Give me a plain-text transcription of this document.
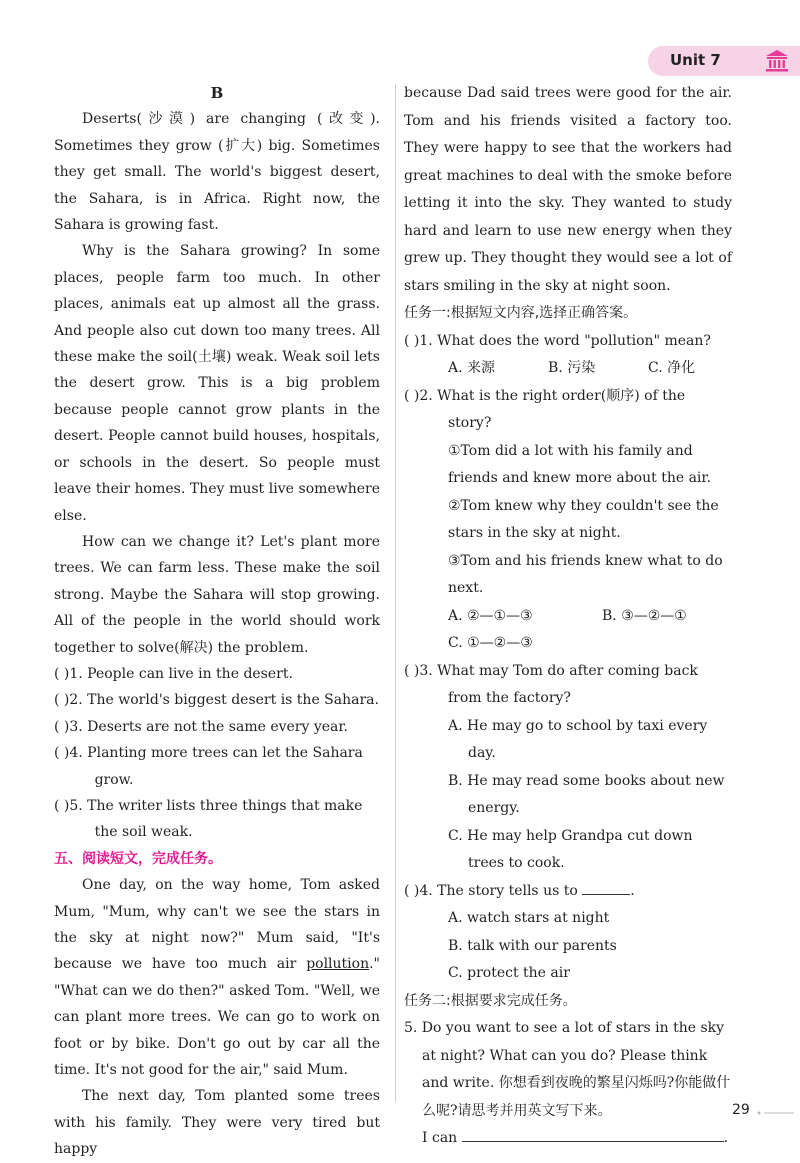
Unit 7
B

Deserts(沙漠) are changing (改变). Sometimes they grow (扩大) big. Sometimes they get small. The world's biggest desert, the Sahara, is in Africa. Right now, the Sahara is growing fast.

Why is the Sahara growing? In some places, people farm too much. In other places, animals eat up almost all the grass. And people also cut down too many trees. All these make the soil(土壤) weak. Weak soil lets the desert grow. This is a big problem because people cannot grow plants in the desert. People cannot build houses, hospitals, or schools in the desert. So people must leave their homes. They must live somewhere else.

How can we change it? Let's plant more trees. We can farm less. These make the soil strong. Maybe the Sahara will stop growing. All of the people in the world should work together to solve(解决) the problem.

( )1. People can live in the desert.

( )2. The world's biggest desert is the Sahara.

( )3. Deserts are not the same every year.

( )4. Planting more trees can let the Sahara grow.

( )5. The writer lists three things that make the soil weak.

五、阅读短文，完成任务。

One day, on the way home, Tom asked Mum, "Mum, why can't we see the stars in the sky at night now?" Mum said, "It's because we have too much air pollution." "What can we do then?" asked Tom. "Well, we can plant more trees. We can go to work on foot or by bike. Don't go out by car all the time. It's not good for the air," said Mum.

The next day, Tom planted some trees with his family. They were very tired but happy

because Dad said trees were good for the air. Tom and his friends visited a factory too. They were happy to see that the workers had great machines to deal with the smoke before letting it into the sky. They wanted to study hard and learn to use new energy when they grew up. They thought they would see a lot of stars smiling in the sky at night soon.

任务一:根据短文内容,选择正确答案。

( )1. What does the word "pollution" mean?

A. 来源	B. 污染	C. 净化

( )2. What is the right order(顺序) of the story?

①Tom did a lot with his family and friends and knew more about the air.

②Tom knew why they couldn't see the stars in the sky at night.

③Tom and his friends knew what to do next.

A. ②—①—③	B. ③—②—①
C. ①—②—③

( )3. What may Tom do after coming back from the factory?

A. He may go to school by taxi every day.

B. He may read some books about new energy.

C. He may help Grandpa cut down trees to cook.

( )4. The story tells us to	.

A. watch stars at night

B. talk with our parents

C. protect the air

任务二:根据要求完成任务。

5. Do you want to see a lot of stars in the sky at night? What can you do? Please think and write. 你想看到夜晚的繁星闪烁吗?你能做什么呢?请思考并用英文写下来。

I can	.

29
